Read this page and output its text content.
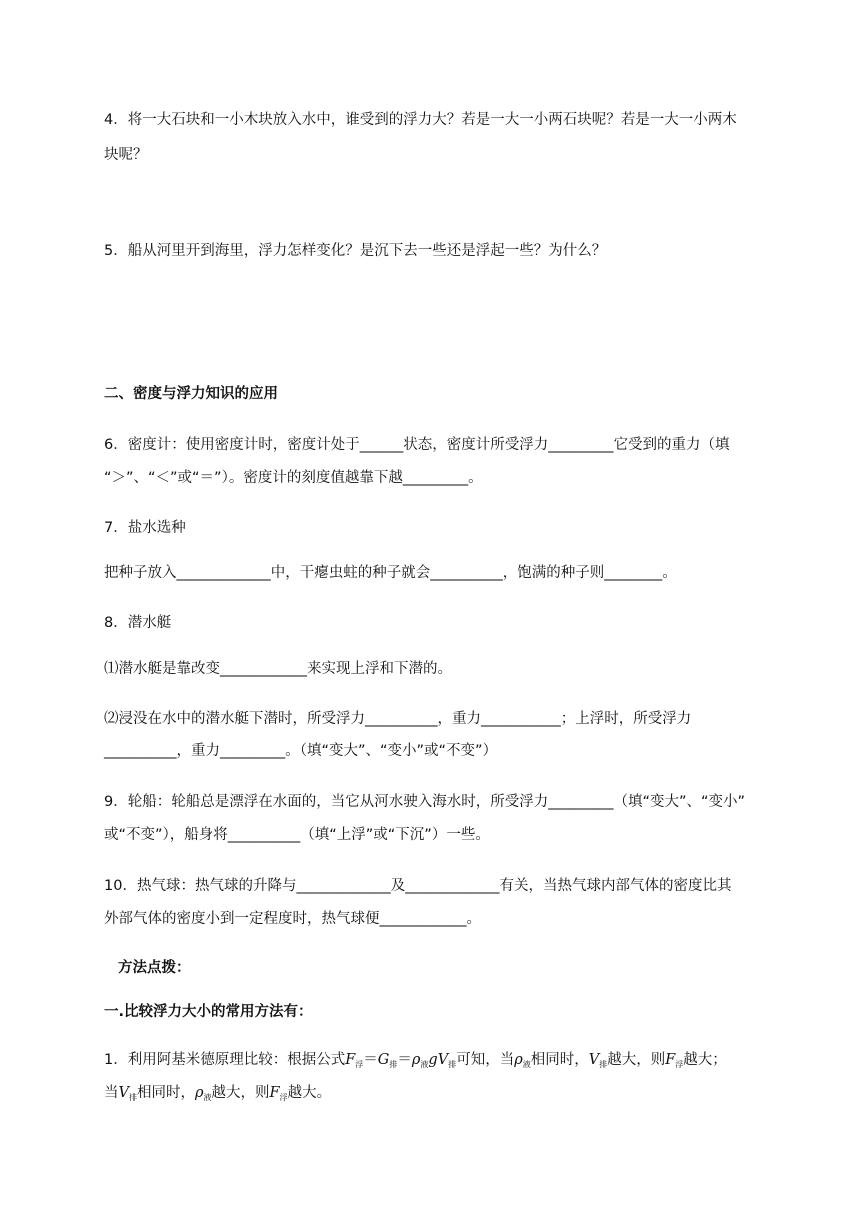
4．将一大石块和一小木块放入水中，谁受到的浮力大？若是一大一小两石块呢？若是一大一小两木
块呢？
5．船从河里开到海里，浮力怎样变化？是沉下去一些还是浮起一些？为什么？
二、密度与浮力知识的应用
6．密度计：使用密度计时，密度计处于______状态，密度计所受浮力_________它受到的重力（填
“＞”、“＜”或“＝”）。密度计的刻度值越靠下越_________。
7．盐水选种
把种子放入_____________中，干瘪虫蛀的种子就会__________，饱满的种子则________。
8．潜水艇
⑴潜水艇是靠改变____________来实现上浮和下潜的。
⑵浸没在水中的潜水艇下潜时，所受浮力__________，重力___________；上浮时，所受浮力
__________，重力_________。（填“变大”、“变小”或“不变”）
9．轮船：轮船总是漂浮在水面的，当它从河水驶入海水时，所受浮力_________（填“变大”、“变小”
或“不变”），船身将__________（填“上浮”或“下沉”）一些。
10．热气球：热气球的升降与_____________及_____________有关，当热气球内部气体的密度比其
外部气体的密度小到一定程度时，热气球便____________。
方法点拨：
一.比较浮力大小的常用方法有：
1．利用阿基米德原理比较：根据公式$F_浮=G_排=\rho_液gV_排$可知，当$\rho_液$相同时，$V_排$越大，则$F_浮$越大；
当$V_排$相同时，$\rho_液$越大，则$F_浮$越大。
